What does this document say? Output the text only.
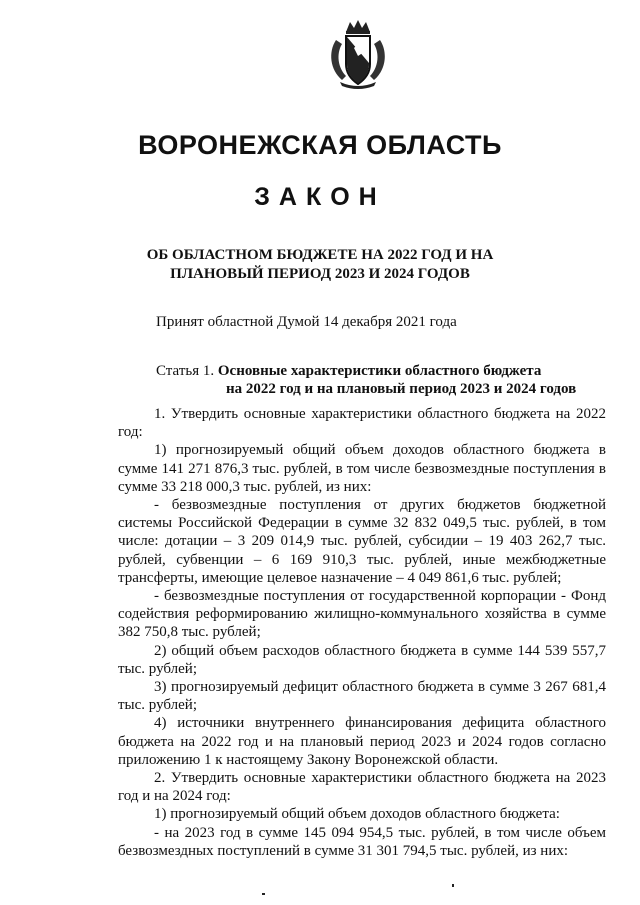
ВОРОНЕЖСКАЯ ОБЛАСТЬ
ЗАКОН
ОБ ОБЛАСТНОМ БЮДЖЕТЕ НА 2022 ГОД И НА
ПЛАНОВЫЙ ПЕРИОД 2023 И 2024 ГОДОВ
Принят областной Думой 14 декабря 2021 года
Статья 1. Основные характеристики областного бюджета
на 2022 год и на плановый период 2023 и 2024 годов

1. Утвердить основные характеристики областного бюджета на 2022 год:

1) прогнозируемый общий объем доходов областного бюджета в сумме 141 271 876,3 тыс. рублей, в том числе безвозмездные поступления в сумме 33 218 000,3 тыс. рублей, из них:

- безвозмездные поступления от других бюджетов бюджетной системы Российской Федерации в сумме 32 832 049,5 тыс. рублей, в том числе: дотации – 3 209 014,9 тыс. рублей, субсидии – 19 403 262,7 тыс. рублей, субвенции – 6 169 910,3 тыс. рублей, иные межбюджетные трансферты, имеющие целевое назначение – 4 049 861,6 тыс. рублей;

- безвозмездные поступления от государственной корпорации - Фонд содействия реформированию жилищно-коммунального хозяйства в сумме 382 750,8 тыс. рублей;

2) общий объем расходов областного бюджета в сумме 144 539 557,7 тыс. рублей;

3) прогнозируемый дефицит областного бюджета в сумме 3 267 681,4 тыс. рублей;

4) источники внутреннего финансирования дефицита областного бюджета на 2022 год и на плановый период 2023 и 2024 годов согласно приложению 1 к настоящему Закону Воронежской области.

2. Утвердить основные характеристики областного бюджета на 2023 год и на 2024 год:

1) прогнозируемый общий объем доходов областного бюджета:

- на 2023 год в сумме 145 094 954,5 тыс. рублей, в том числе объем безвозмездных поступлений в сумме 31 301 794,5 тыс. рублей, из них:
